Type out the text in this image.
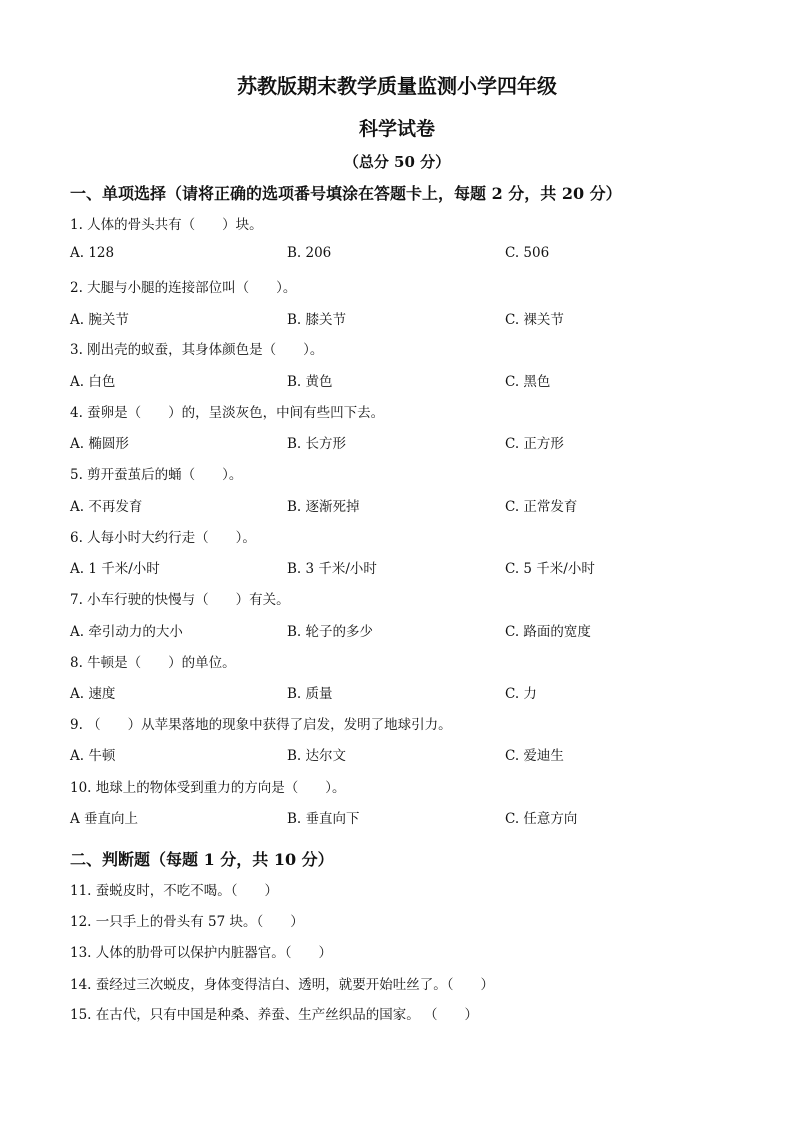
苏教版期末教学质量监测小学四年级
科学试卷
（总分 50 分）
一、单项选择（请将正确的选项番号填涂在答题卡上，每题 2 分，共 20 分）
1. 人体的骨头共有（　　）块。
A. 128	B. 206	C. 506
2. 大腿与小腿的连接部位叫（　　）。
A. 腕关节	B. 膝关节	C. 裸关节
3. 刚出壳的蚁蚕，其身体颜色是（　　）。
A. 白色	B. 黄色	C. 黑色
4. 蚕卵是（　　）的，呈淡灰色，中间有些凹下去。
A. 椭圆形	B. 长方形	C. 正方形
5. 剪开蚕茧后的蛹（　　）。
A. 不再发育	B. 逐渐死掉	C. 正常发育
6. 人每小时大约行走（　　）。
A. 1 千米/小时	B. 3 千米/小时	C. 5 千米/小时
7. 小车行驶的快慢与（　　）有关。
A. 牵引动力的大小	B. 轮子的多少	C. 路面的宽度
8. 牛顿是（　　）的单位。
A. 速度	B. 质量	C. 力
9. （　　）从苹果落地的现象中获得了启发，发明了地球引力。
A. 牛顿	B. 达尔文	C. 爱迪生
10. 地球上的物体受到重力的方向是（　　）。
A 垂直向上	B. 垂直向下	C. 任意方向
二、判断题（每题 1 分，共 10 分）
11. 蚕蜕皮时，不吃不喝。（　　）
12. 一只手上的骨头有 57 块。（　　）
13. 人体的肋骨可以保护内脏器官。（　　）
14. 蚕经过三次蜕皮，身体变得洁白、透明，就要开始吐丝了。（　　）
15. 在古代，只有中国是种桑、养蚕、生产丝织品的国家。 （　　）
